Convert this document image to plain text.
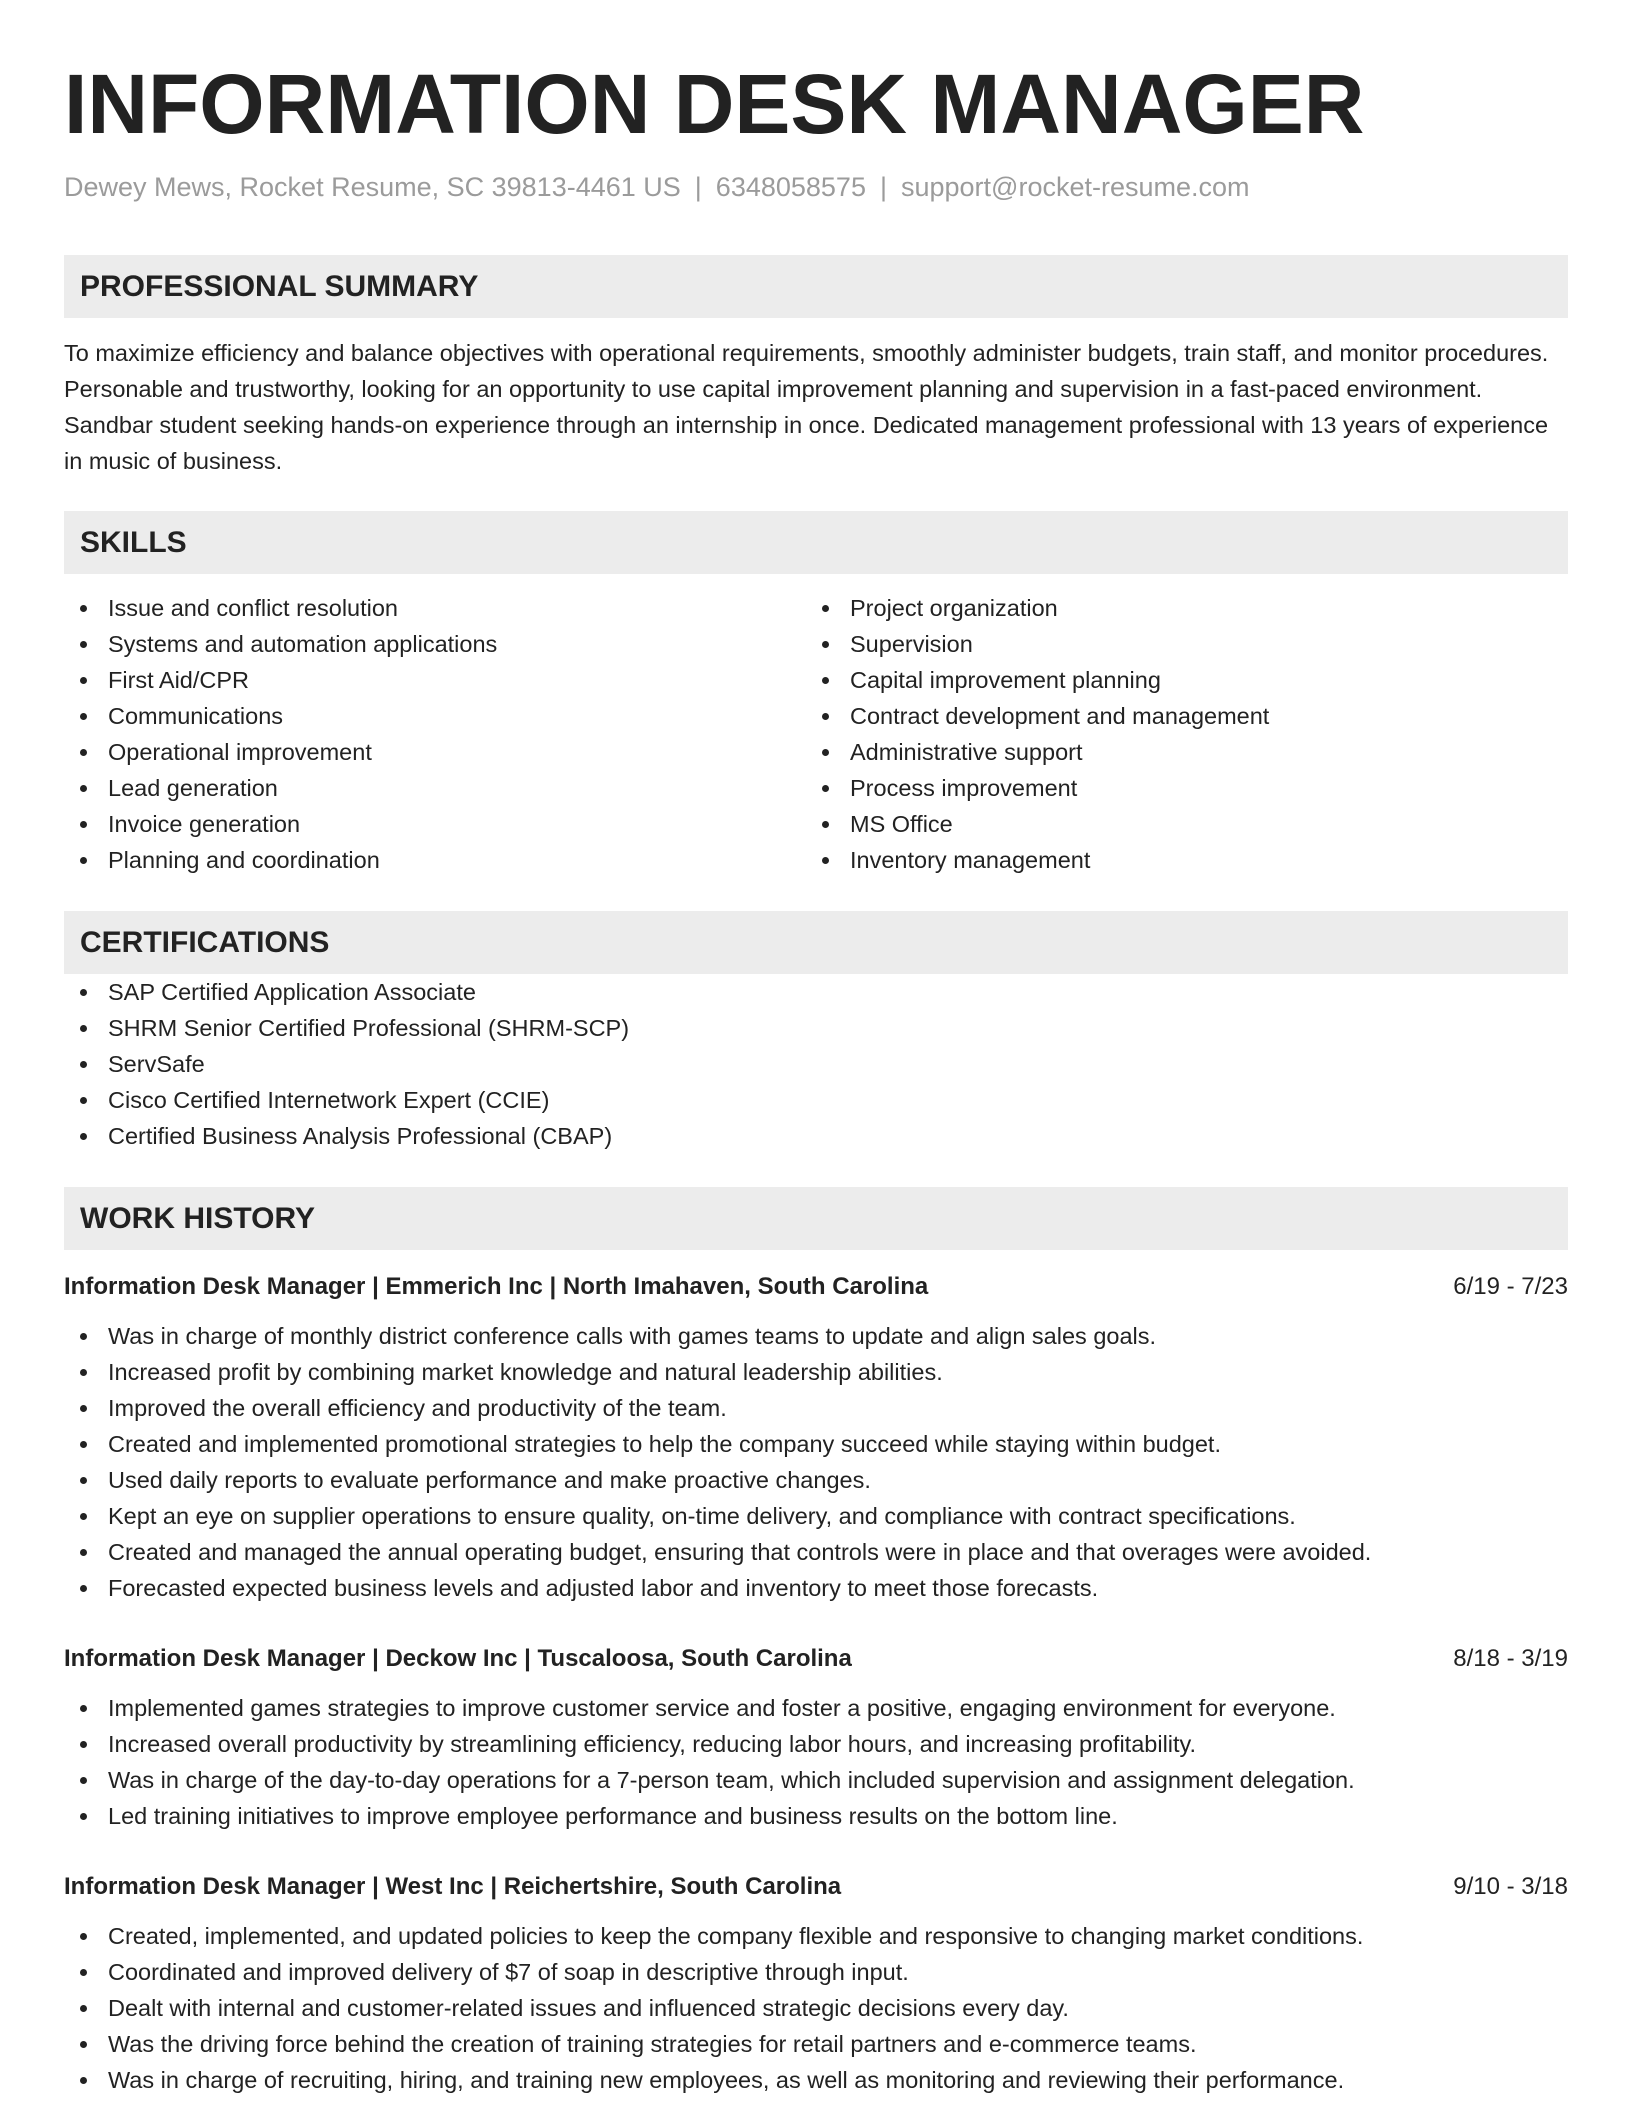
INFORMATION DESK MANAGER
Dewey Mews, Rocket Resume, SC 39813-4461 US | 6348058575 | support@rocket-resume.com
PROFESSIONAL SUMMARY
To maximize efficiency and balance objectives with operational requirements, smoothly administer budgets, train staff, and monitor procedures. Personable and trustworthy, looking for an opportunity to use capital improvement planning and supervision in a fast-paced environment. Sandbar student seeking hands-on experience through an internship in once. Dedicated management professional with 13 years of experience in music of business.
SKILLS
Issue and conflict resolution
Systems and automation applications
First Aid/CPR
Communications
Operational improvement
Lead generation
Invoice generation
Planning and coordination
Project organization
Supervision
Capital improvement planning
Contract development and management
Administrative support
Process improvement
MS Office
Inventory management
CERTIFICATIONS
SAP Certified Application Associate
SHRM Senior Certified Professional (SHRM-SCP)
ServSafe
Cisco Certified Internetwork Expert (CCIE)
Certified Business Analysis Professional (CBAP)
WORK HISTORY
Information Desk Manager | Emmerich Inc | North Imahaven, South Carolina	6/19 - 7/23
Was in charge of monthly district conference calls with games teams to update and align sales goals.
Increased profit by combining market knowledge and natural leadership abilities.
Improved the overall efficiency and productivity of the team.
Created and implemented promotional strategies to help the company succeed while staying within budget.
Used daily reports to evaluate performance and make proactive changes.
Kept an eye on supplier operations to ensure quality, on-time delivery, and compliance with contract specifications.
Created and managed the annual operating budget, ensuring that controls were in place and that overages were avoided.
Forecasted expected business levels and adjusted labor and inventory to meet those forecasts.
Information Desk Manager | Deckow Inc | Tuscaloosa, South Carolina	8/18 - 3/19
Implemented games strategies to improve customer service and foster a positive, engaging environment for everyone.
Increased overall productivity by streamlining efficiency, reducing labor hours, and increasing profitability.
Was in charge of the day-to-day operations for a 7-person team, which included supervision and assignment delegation.
Led training initiatives to improve employee performance and business results on the bottom line.
Information Desk Manager | West Inc | Reichertshire, South Carolina	9/10 - 3/18
Created, implemented, and updated policies to keep the company flexible and responsive to changing market conditions.
Coordinated and improved delivery of $7 of soap in descriptive through input.
Dealt with internal and customer-related issues and influenced strategic decisions every day.
Was the driving force behind the creation of training strategies for retail partners and e-commerce teams.
Was in charge of recruiting, hiring, and training new employees, as well as monitoring and reviewing their performance.
